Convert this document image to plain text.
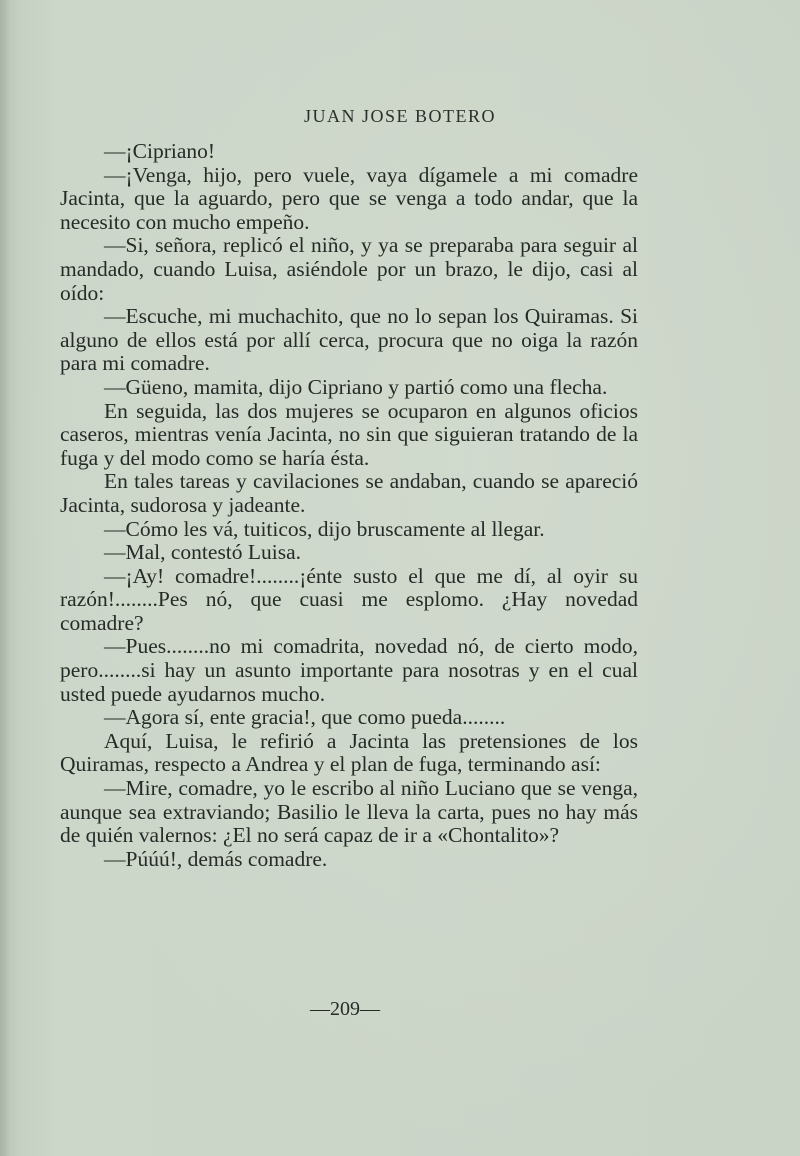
JUAN JOSE BOTERO

—¡Cipriano!

—¡Venga, hijo, pero vuele, vaya dígamele a mi comadre Jacinta, que la aguardo, pero que se venga a todo andar, que la necesito con mucho empeño.

—Si, señora, replicó el niño, y ya se preparaba para seguir al mandado, cuando Luisa, asiéndole por un brazo, le dijo, casi al oído:

—Escuche, mi muchachito, que no lo sepan los Quiramas. Si alguno de ellos está por allí cerca, procura que no oiga la razón para mi comadre.

—Güeno, mamita, dijo Cipriano y partió como una flecha.

En seguida, las dos mujeres se ocuparon en algunos oficios caseros, mientras venía Jacinta, no sin que siguieran tratando de la fuga y del modo como se haría ésta.

En tales tareas y cavilaciones se andaban, cuando se apareció Jacinta, sudorosa y jadeante.

—Cómo les vá, tuiticos, dijo bruscamente al llegar.

—Mal, contestó Luisa.

—¡Ay! comadre!........¡énte susto el que me dí, al oyir su razón!........Pes nó, que cuasi me esplomo. ¿Hay novedad comadre?

—Pues........no mi comadrita, novedad nó, de cierto modo, pero........si hay un asunto importante para nosotras y en el cual usted puede ayudarnos mucho.

—Agora sí, ente gracia!, que como pueda........

Aquí, Luisa, le refirió a Jacinta las pretensiones de los Quiramas, respecto a Andrea y el plan de fuga, terminando así:

—Mire, comadre, yo le escribo al niño Luciano que se venga, aunque sea extraviando; Basilio le lleva la carta, pues no hay más de quién valernos: ¿El no será capaz de ir a «Chontalito»?

—Púúú!, demás comadre.

—209—
